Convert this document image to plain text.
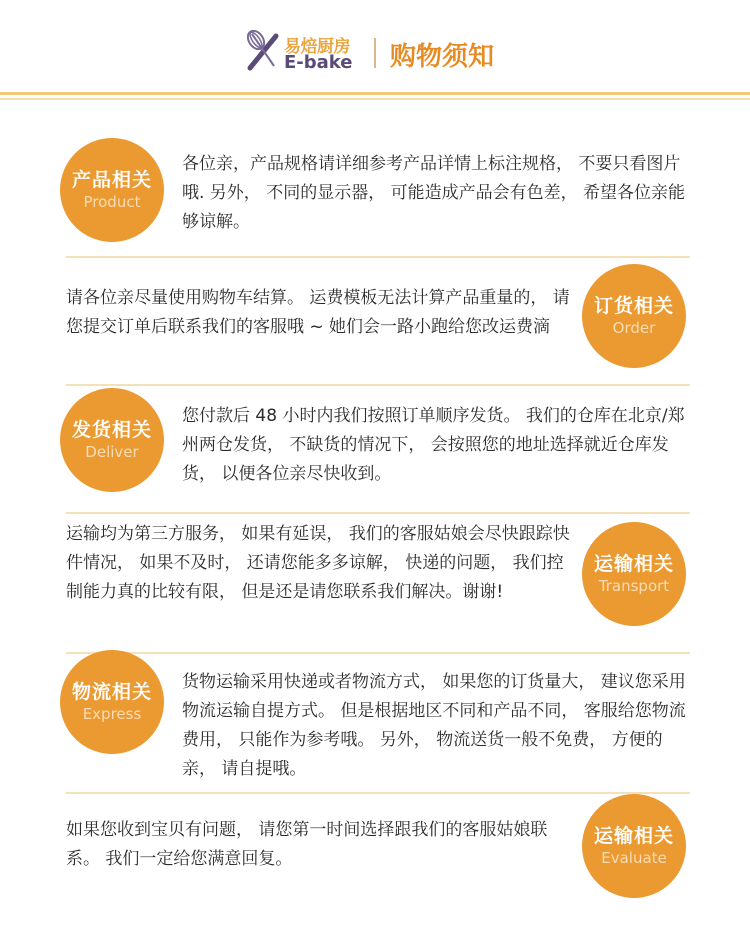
易焙厨房
E-bake 购物须知
产品相关
Product
各位亲，产品规格请详细参考产品详情上标注规格， 不要只看图片哦. 另外， 不同的显示器， 可能造成产品会有色差， 希望各位亲能够谅解。
请各位亲尽量使用购物车结算。 运费模板无法计算产品重量的， 请您提交订单后联系我们的客服哦 ~ 她们会一路小跑给您改运费滴
订货相关
Order
发货相关
Deliver
您付款后 48 小时内我们按照订单顺序发货。 我们的仓库在北京/郑州两仓发货， 不缺货的情况下， 会按照您的地址选择就近仓库发货， 以便各位亲尽快收到。
运输均为第三方服务， 如果有延误， 我们的客服姑娘会尽快跟踪快件情况， 如果不及时， 还请您能多多谅解， 快递的问题， 我们控制能力真的比较有限， 但是还是请您联系我们解决。谢谢!
运输相关
Transport
物流相关
Express
货物运输采用快递或者物流方式， 如果您的订货量大， 建议您采用物流运输自提方式。 但是根据地区不同和产品不同， 客服给您物流费用， 只能作为参考哦。 另外， 物流送货一般不免费， 方便的亲， 请自提哦。
如果您收到宝贝有问题， 请您第一时间选择跟我们的客服姑娘联系。 我们一定给您满意回复。
运输相关
Evaluate
